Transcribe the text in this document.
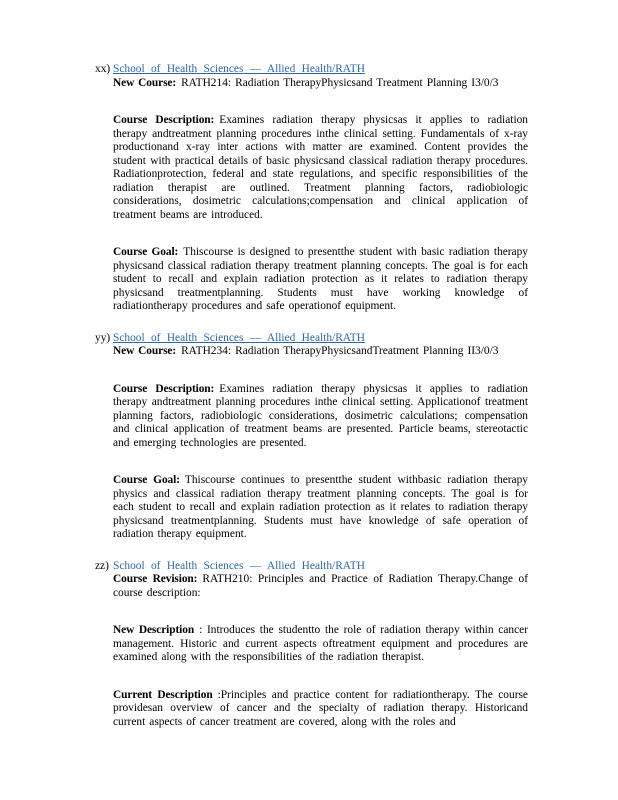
xx) School of Health Sciences — Allied Health/RATH

New Course: RATH214: Radiation TherapyPhysicsand Treatment Planning I3/0/3

Course Description: Examines radiation therapy physicsas it applies to radiation therapy andtreatment planning procedures inthe clinical setting. Fundamentals of x-ray productionand x-ray inter actions with matter are examined. Content provides the student with practical details of basic physicsand classical radiation therapy procedures. Radiationprotection, federal and state regulations, and specific responsibilities of the radiation therapist are outlined. Treatment planning factors, radiobiologic considerations, dosimetric calculations;compensation and clinical application of treatment beams are introduced.

Course Goal: Thiscourse is designed to presentthe student with basic radiation therapy physicsand classical radiation therapy treatment planning concepts. The goal is for each student to recall and explain radiation protection as it relates to radiation therapy physicsand treatmentplanning. Students must have working knowledge of radiationtherapy procedures and safe operationof equipment.

yy) School of Health Sciences — Allied Health/RATH

New Course: RATH234: Radiation TherapyPhysicsandTreatment Planning II3/0/3

Course Description: Examines radiation therapy physicsas it applies to radiation therapy andtreatment planning procedures inthe clinical setting. Applicationof treatment planning factors, radiobiologic considerations, dosimetric calculations; compensation and clinical application of treatment beams are presented. Particle beams, stereotactic and emerging technologies are presented.

Course Goal: Thiscourse continues to presentthe student withbasic radiation therapy physics and classical radiation therapy treatment planning concepts. The goal is for each student to recall and explain radiation protection as it relates to radiation therapy physicsand treatmentplanning. Students must have knowledge of safe operation of radiation therapy equipment.

zz) School of Health Sciences — Allied Health/RATH

Course Revision: RATH210: Principles and Practice of Radiation Therapy.Change of course description:

New Description : Introduces the studentto the role of radiation therapy within cancer management. Historic and current aspects oftreatment equipment and procedures are examined along with the responsibilities of the radiation therapist.

Current Description :Principles and practice content for radiationtherapy. The course providesan overview of cancer and the specialty of radiation therapy. Historicand current aspects of cancer treatment are covered, along with the roles and
